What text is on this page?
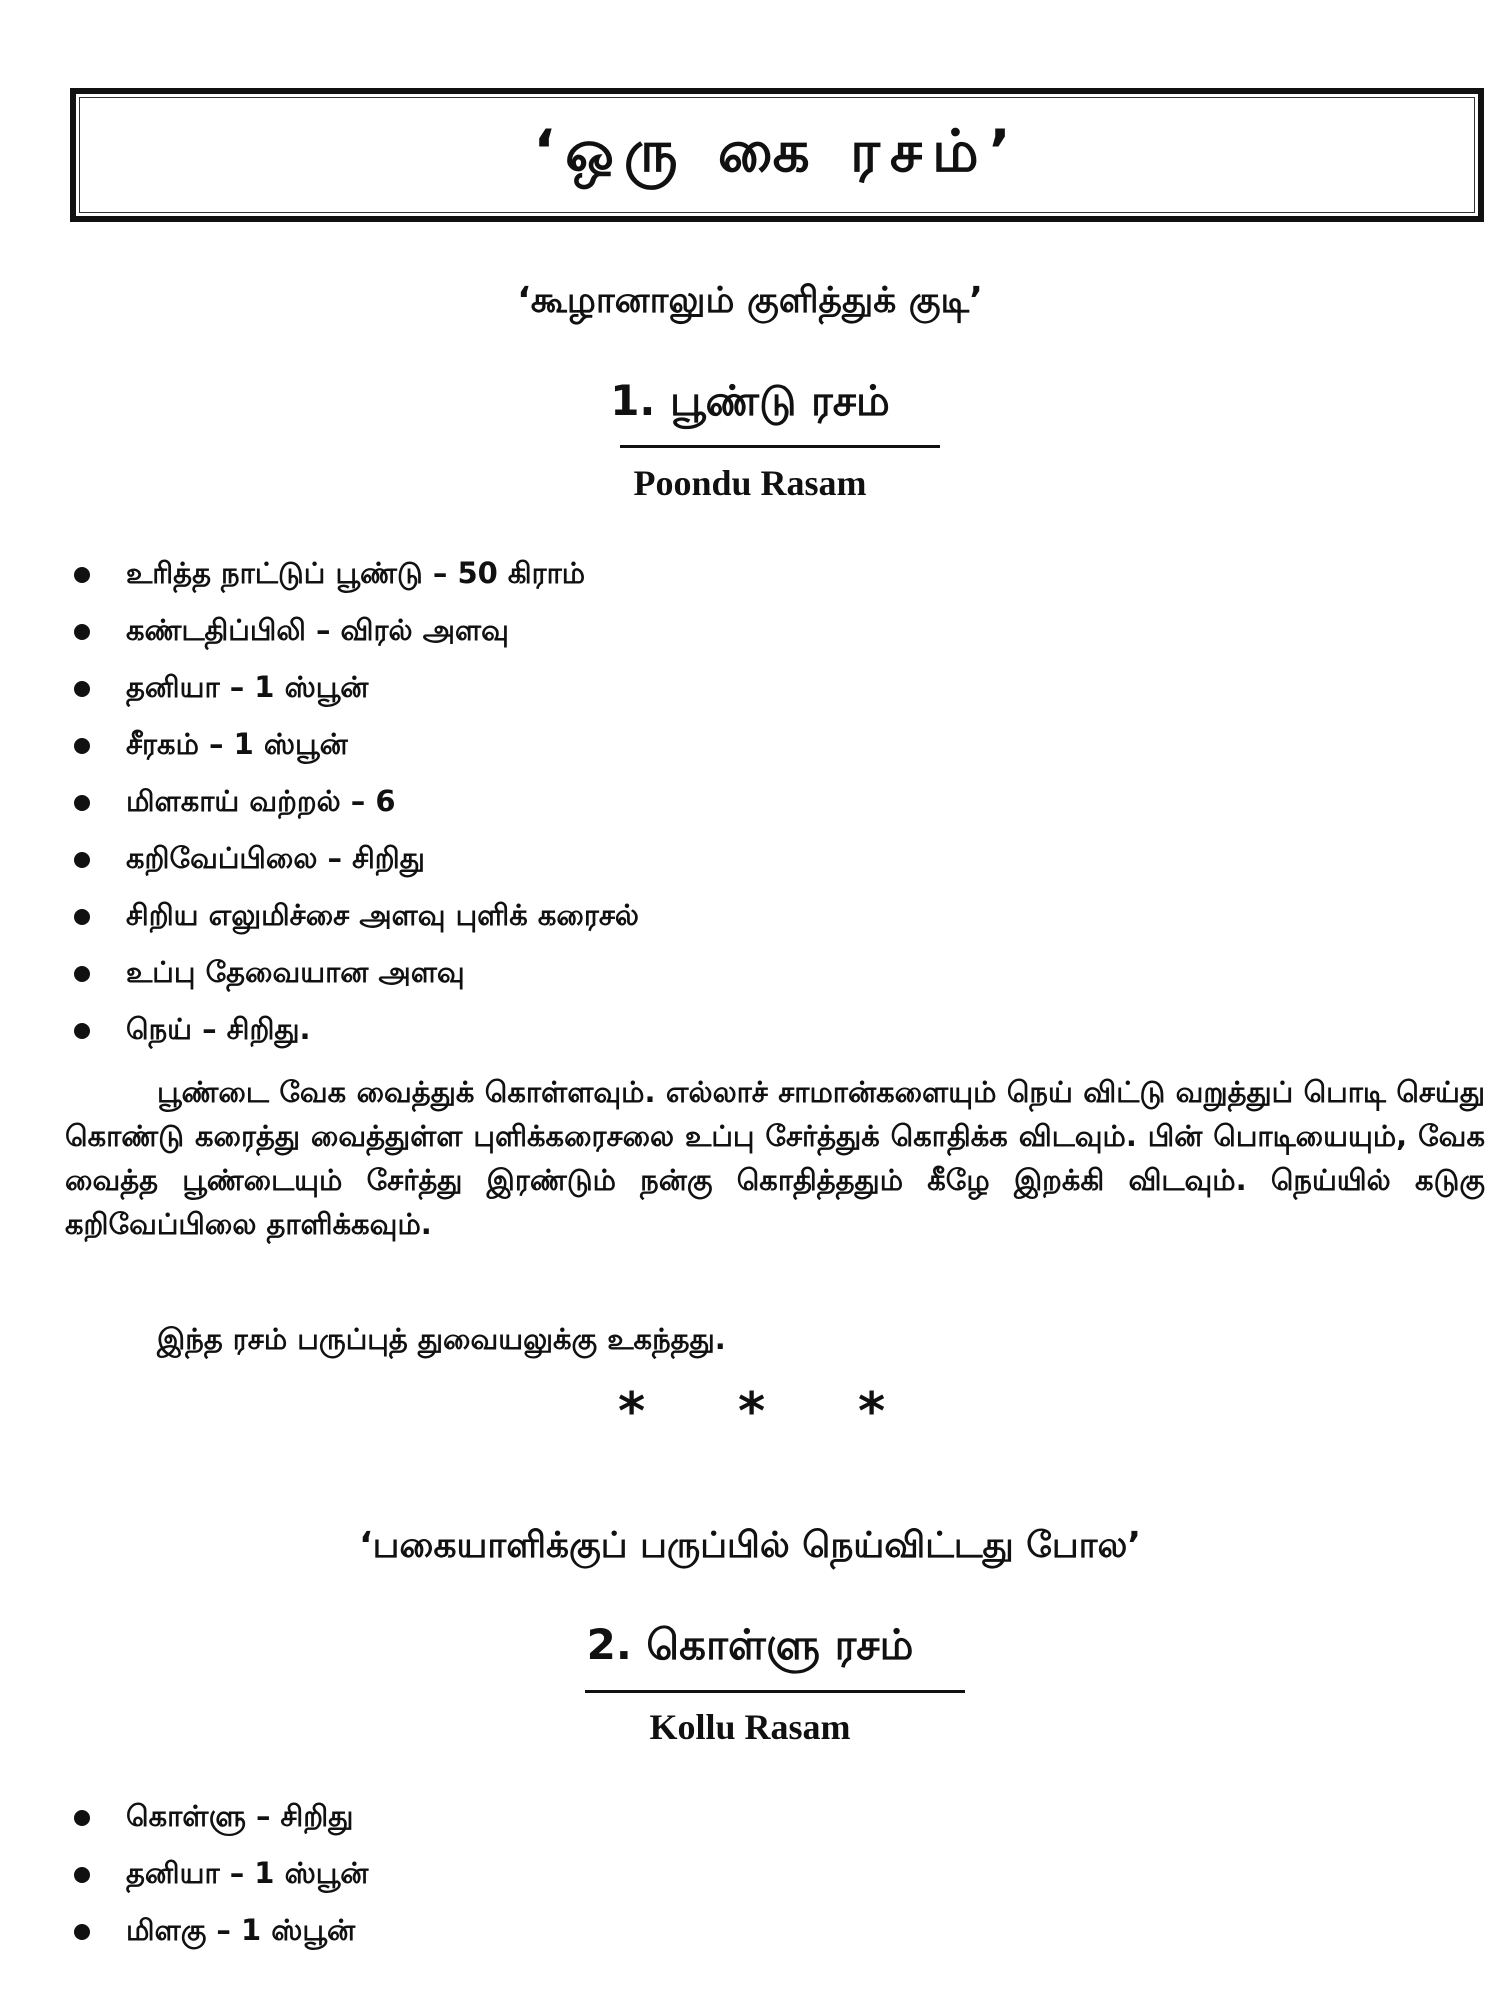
‘ஒரு கை ரசம்’
‘கூழானாலும் குளித்துக் குடி’
1. பூண்டு ரசம்
Poondu Rasam
உரித்த நாட்டுப் பூண்டு – 50 கிராம்
கண்டதிப்பிலி – விரல் அளவு
தனியா – 1 ஸ்பூன்
சீரகம் – 1 ஸ்பூன்
மிளகாய் வற்றல் – 6
கறிவேப்பிலை – சிறிது
சிறிய எலுமிச்சை அளவு புளிக் கரைசல்
உப்பு தேவையான அளவு
நெய் – சிறிது.

பூண்டை வேக வைத்துக் கொள்ளவும். எல்லாச் சாமான்களையும் நெய் விட்டு வறுத்துப் பொடி செய்து கொண்டு கரைத்து வைத்துள்ள புளிக்கரைசலை உப்பு சேர்த்துக் கொதிக்க விடவும். பின் பொடியையும், வேக வைத்த பூண்டையும் சேர்த்து இரண்டும் நன்கு கொதித்ததும் கீழே இறக்கி விடவும். நெய்யில் கடுகு கறிவேப்பிலை தாளிக்கவும்.

இந்த ரசம் பருப்புத் துவையலுக்கு உகந்தது.

* * *
‘பகையாளிக்குப் பருப்பில் நெய்விட்டது போல’
2. கொள்ளு ரசம்
Kollu Rasam
கொள்ளு – சிறிது
தனியா – 1 ஸ்பூன்
மிளகு – 1 ஸ்பூன்
